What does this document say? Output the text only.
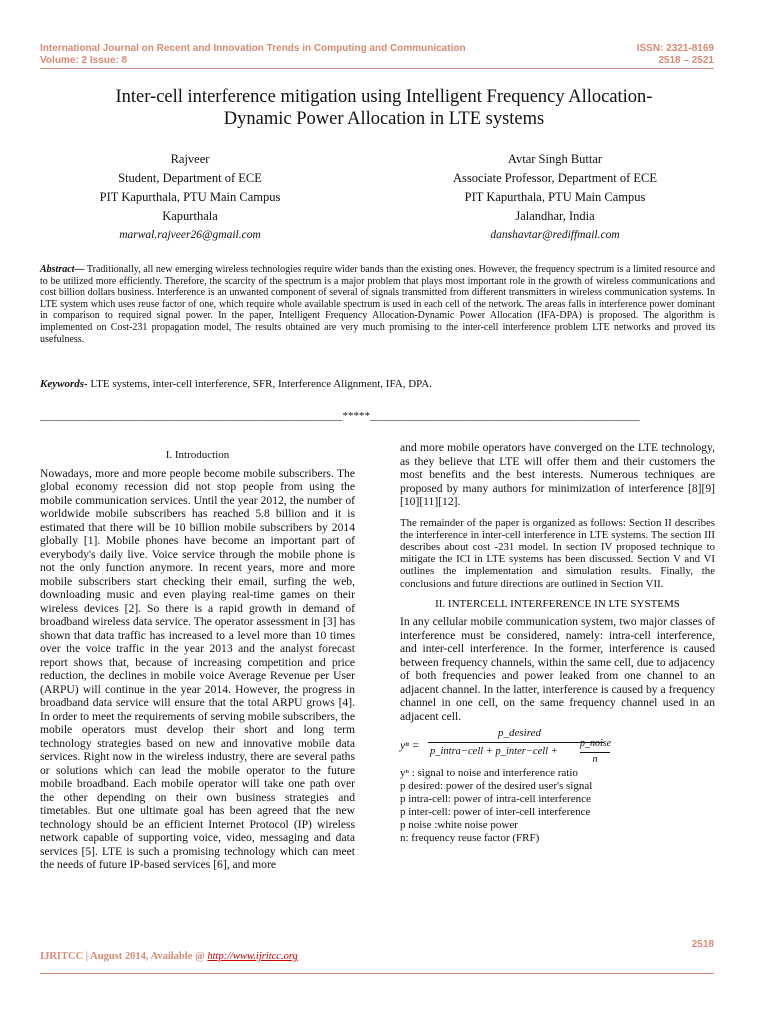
International Journal on Recent and Innovation Trends in Computing and Communication	ISSN: 2321-8169
Volume: 2 Issue: 8	2518 – 2521
Inter-cell interference mitigation using Intelligent Frequency Allocation-
Dynamic Power Allocation in LTE systems
Rajveer
Student, Department of ECE
PIT Kapurthala, PTU Main Campus
Kapurthala
marwal.rajveer26@gmail.com
Avtar Singh Buttar
Associate Professor, Department of ECE
PIT Kapurthala, PTU Main Campus
Jalandhar, India
danshavtar@rediffmail.com
Abstract— Traditionally, all new emerging wireless technologies require wider bands than the existing ones. However, the frequency spectrum is a limited resource and to be utilized more efficiently. Therefore, the scarcity of the spectrum is a major problem that plays most important role in the growth of wireless communications and cost billion dollars business. Interference is an unwanted component of several of signals transmitted from different transmitters in wireless communication systems. In LTE system which uses reuse factor of one, which require whole available spectrum is used in each cell of the network. The areas falls in interference power dominant in comparison to required signal power. In the paper, Intelligent Frequency Allocation-Dynamic Power Allocation (IFA-DPA) is proposed. The algorithm is implemented on Cost-231 propagation model, The results obtained are very much promising to the inter-cell interference problem LTE networks and proved its usefulness.
Keywords- LTE systems, inter-cell interference, SFR, Interference Alignment, IFA, DPA.
_______________________________________________________*****_________________________________________________
I. Introduction
Nowadays, more and more people become mobile subscribers. The global economy recession did not stop people from using the mobile communication services. Until the year 2012, the number of worldwide mobile subscribers has reached 5.8 billion and it is estimated that there will be 10 billion mobile subscribers by 2014 globally [1]. Mobile phones have become an important part of everybody's daily live. Voice service through the mobile phone is not the only function anymore. In recent years, more and more mobile subscribers start checking their email, surfing the web, downloading music and even playing real-time games on their wireless devices [2]. So there is a rapid growth in demand of broadband wireless data service. The operator assessment in [3] has shown that data traffic has increased to a level more than 10 times over the voice traffic in the year 2013 and the analyst forecast report shows that, because of increasing competition and price reduction, the declines in mobile voice Average Revenue per User (ARPU) will continue in the year 2014. However, the progress in broadband data service will ensure that the total ARPU grows [4]. In order to meet the requirements of serving mobile subscribers, the mobile operators must develop their short and long term technology strategies based on new and innovative mobile data services. Right now in the wireless industry, there are several paths or solutions which can lead the mobile operator to the future mobile broadband. Each mobile operator will take one path over the other depending on their own business strategies and timetables. But one ultimate goal has been agreed that the new technology should be an efficient Internet Protocol (IP) wireless network capable of supporting voice, video, messaging and data services [5]. LTE is such a promising technology which can meet the needs of future IP-based services [6], and more
and more mobile operators have converged on the LTE technology, as they believe that LTE will offer them and their customers the most benefits and the best interests. Numerous techniques are proposed by many authors for minimization of interference [8][9][10][11][12].
The remainder of the paper is organized as follows: Section II describes the interference in inter-cell interference in LTE systems. The section III describes about cost -231 model. In section IV proposed technique to mitigate the ICI in LTE systems has been discussed. Section V and VI outlines the implementation and simulation results. Finally, the conclusions and future directions are outlined in Section VII.
II. INTERCELL INTERFERENCE IN LTE SYSTEMS
In any cellular mobile communication system, two major classes of interference must be considered, namely: intra-cell interference, and inter-cell interference. In the former, interference is caused between frequency channels, within the same cell, due to adjacency of both frequencies and power leaked from one channel to an adjacent channel. In the latter, interference is caused by a frequency channel in one cell, on the same frequency channel used in an adjacent cell.
yⁿ =
p_desired
p_intra−cell + p_inter−cell +
p_noise
n
yⁿ : signal to noise and interference ratio
p desired: power of the desired user's signal
p intra-cell: power of intra-cell interference
p inter-cell: power of inter-cell interference
p noise :white noise power
n: frequency reuse factor (FRF)
2518
IJRITCC | August 2014, Available @ http://www.ijritcc.org
